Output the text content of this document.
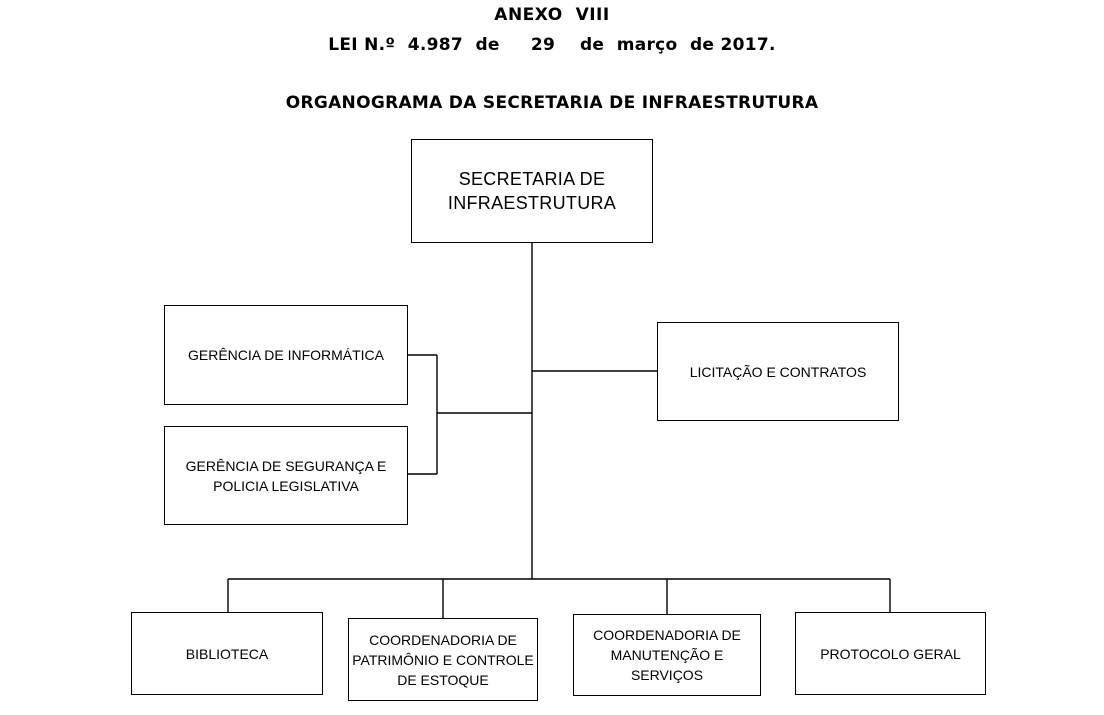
ANEXO  VIII
LEI N.º  4.987  de     29    de  março  de 2017.
ORGANOGRAMA DA SECRETARIA DE INFRAESTRUTURA
SECRETARIA DE
INFRAESTRUTURA
GERÊNCIA DE INFORMÁTICA
GERÊNCIA DE SEGURANÇA E
POLICIA LEGISLATIVA
LICITAÇÃO E CONTRATOS
BIBLIOTECA
COORDENADORIA DE
PATRIMÔNIO E CONTROLE
DE ESTOQUE
COORDENADORIA DE
MANUTENÇÃO E SERVIÇOS
PROTOCOLO GERAL
